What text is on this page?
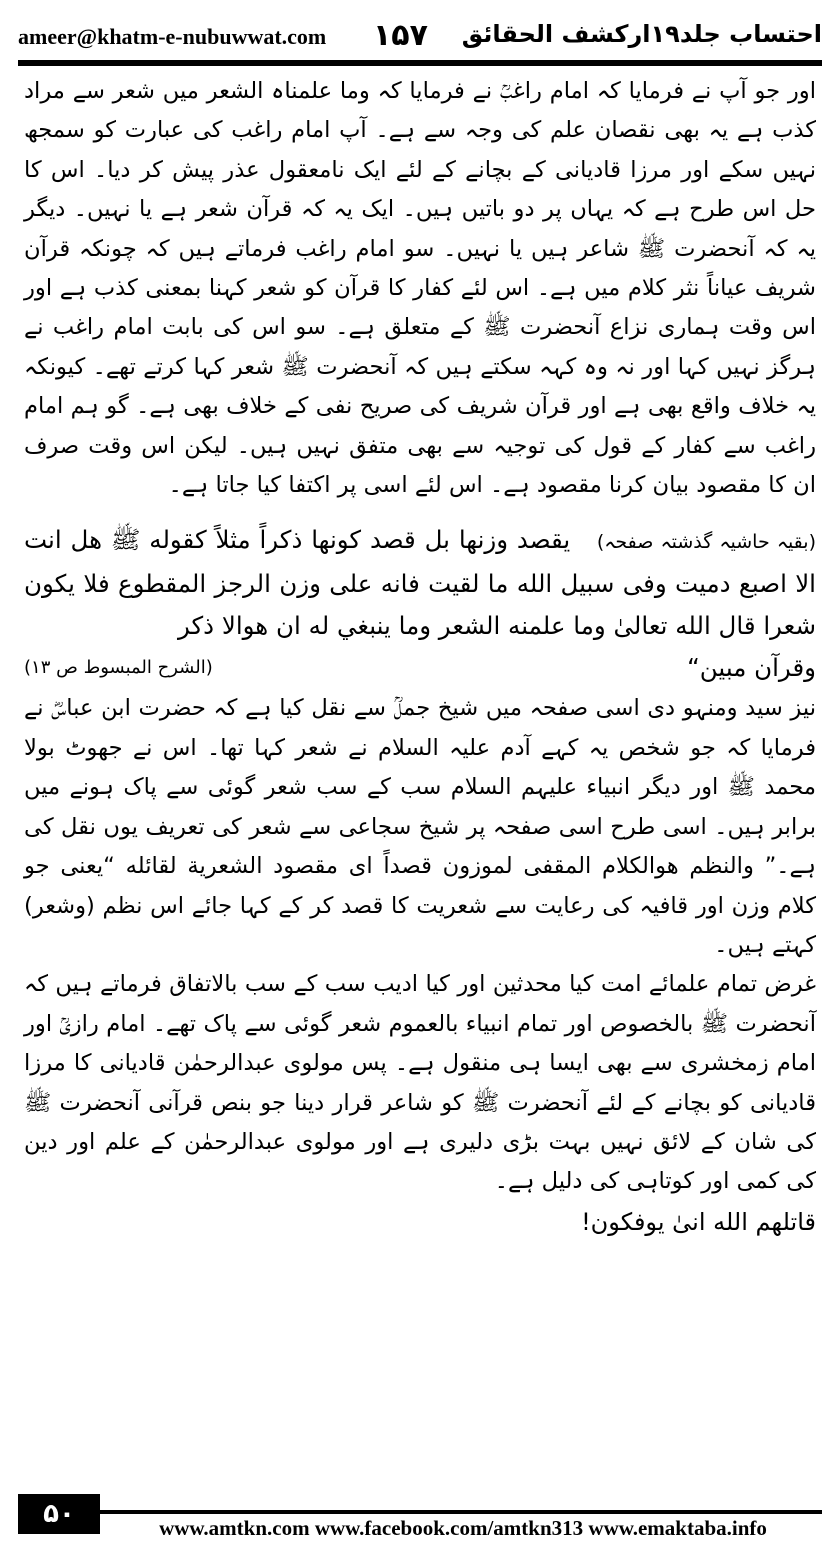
ameer@khatm-e-nubuwwat.com ۱۵۷ احتساب جلد۱۹ارکشف الحقائق

اور جو آپ نے فرمایا کہ امام راغبؒ نے فرمایا کہ وما علمناہ الشعر میں شعر سے مراد کذب ہے یہ بھی نقصان علم کی وجہ سے ہے۔ آپ امام راغب کی عبارت کو سمجھ نہیں سکے اور مرزا قادیانی کے بچانے کے لئے ایک نامعقول عذر پیش کر دیا۔ اس کا حل اس طرح ہے کہ یہاں پر دو باتیں ہیں۔ ایک یہ کہ قرآن شعر ہے یا نہیں۔ دیگر یہ کہ آنحضرت ﷺ شاعر ہیں یا نہیں۔ سو امام راغب فرماتے ہیں کہ چونکہ قرآن شریف عیاناً نثر کلام میں ہے۔ اس لئے کفار کا قرآن کو شعر کہنا بمعنی کذب ہے اور اس وقت ہماری نزاع آنحضرت ﷺ کے متعلق ہے۔ سو اس کی بابت امام راغب نے ہرگز نہیں کہا اور نہ وہ کہہ سکتے ہیں کہ آنحضرت ﷺ شعر کہا کرتے تھے۔ کیونکہ یہ خلاف واقع بھی ہے اور قرآن شریف کی صریح نفی کے خلاف بھی ہے۔ گو ہم امام راغب سے کفار کے قول کی توجیہ سے بھی متفق نہیں ہیں۔ لیکن اس وقت صرف ان کا مقصود بیان کرنا مقصود ہے۔ اس لئے اسی پر اکتفا کیا جاتا ہے۔

(بقیہ حاشیہ گذشتہ صفحہ)   یقصد وزنها بل قصد كونها ذكراً مثلاً كقوله ﷺ هل انت الا اصبع دميت وفی سبيل الله ما لقيت فانه على وزن الرجز المقطوع فلا يكون شعرا قال الله تعالىٰ وما علمنه الشعر وما ينبغي له ان هوالا ذكر

وقرآن مبين“
(الشرح المبسوط ص ۱۳)

نیز سید ومنہو دی اسی صفحہ میں شیخ جملؒ سے نقل کیا ہے کہ حضرت ابن عباسؓ نے فرمایا کہ جو شخص یہ کہے آدم علیہ السلام نے شعر کہا تھا۔ اس نے جھوٹ بولا محمد ﷺ اور دیگر انبیاء علیہم السلام سب کے سب شعر گوئی سے پاک ہونے میں برابر ہیں۔ اسی طرح اسی صفحہ پر شیخ سجاعی سے شعر کی تعریف یوں نقل کی ہے۔” والنظم هوالكلام المقفى لموزون قصداً اى مقصود الشعرية لقائله “یعنی جو کلام وزن اور قافیہ کی رعایت سے شعریت کا قصد کر کے کہا جائے اس نظم (وشعر) کہتے ہیں۔

غرض تمام علمائے امت کیا محدثین اور کیا ادیب سب کے سب بالاتفاق فرماتے ہیں کہ آنحضرت ﷺ بالخصوص اور تمام انبیاء بالعموم شعر گوئی سے پاک تھے۔ امام رازیؒ اور امام زمخشری سے بھی ایسا ہی منقول ہے۔ پس مولوی عبدالرحمٰن قادیانی کا مرزا قادیانی کو بچانے کے لئے آنحضرت ﷺ کو شاعر قرار دینا جو بنص قرآنی آنحضرت ﷺ کی شان کے لائق نہیں بہت بڑی دلیری ہے اور مولوی عبدالرحمٰن کے علم اور دین کی کمی اور کوتاہی کی دلیل ہے۔

قاتلهم الله انىٰ يوفكون!

۵۰	www.amtkn.com www.facebook.com/amtkn313 www.emaktaba.info
